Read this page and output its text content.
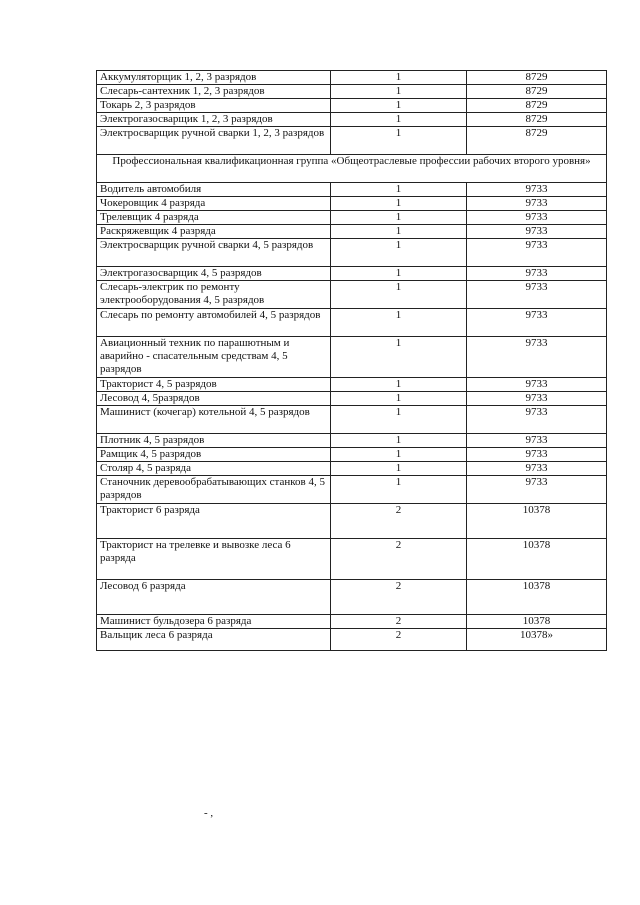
Аккумуляторщик 1, 2, 3 разрядов	1	8729
Слесарь-сантехник 1, 2, 3 разрядов	1	8729
Токарь 2, 3 разрядов	1	8729
Электрогазосварщик 1, 2, 3 разрядов	1	8729
Электросварщик ручной сварки 1, 2, 3 разрядов	1	8729
Профессиональная квалификационная группа «Общеотраслевые профессии рабочих второго уровня»		
Водитель автомобиля	1	9733
Чокеровщик 4 разряда	1	9733
Трелевщик 4 разряда	1	9733
Раскряжевщик 4 разряда	1	9733
Электросварщик ручной сварки 4, 5 разрядов	1	9733
Электрогазосварщик 4, 5 разрядов	1	9733
Слесарь-электрик по ремонту электрооборудования 4, 5 разрядов	1	9733
Слесарь по ремонту автомобилей 4, 5 разрядов	1	9733
Авиационный техник по парашютным и аварийно - спасательным средствам 4, 5 разрядов	1	9733
Тракторист 4, 5 разрядов	1	9733
Лесовод 4, 5разрядов	1	9733
Машинист (кочегар) котельной 4, 5 разрядов	1	9733
Плотник 4, 5 разрядов	1	9733
Рамщик 4, 5 разрядов	1	9733
Столяр 4, 5 разряда	1	9733
Станочник деревообрабатывающих станков 4, 5 разрядов	1	9733
Тракторист 6 разряда	2	10378
Тракторист на трелевке и вывозке леса 6 разряда	2	10378
Лесовод 6 разряда	2	10378
Машинист бульдозера 6 разряда	2	10378
Вальщик леса 6 разряда	2	10378»
- ,
